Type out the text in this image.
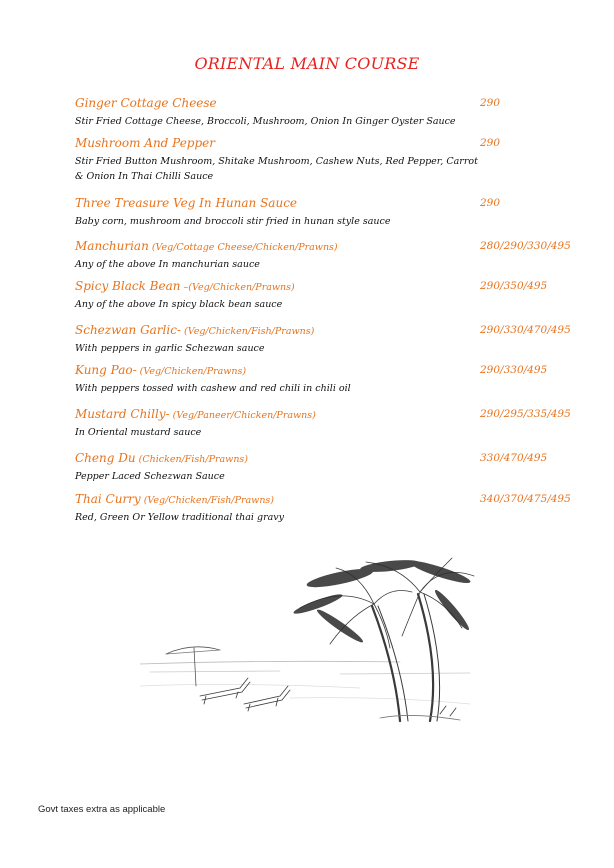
ORIENTAL MAIN COURSE
Ginger Cottage Cheese	290
Stir Fried Cottage Cheese, Broccoli, Mushroom, Onion In Ginger Oyster Sauce
Mushroom And Pepper	290
Stir Fried Button Mushroom, Shitake Mushroom, Cashew Nuts, Red Pepper, Carrot & Onion In Thai Chilli Sauce
Three Treasure Veg In Hunan Sauce	290
Baby corn, mushroom and broccoli stir fried in hunan style sauce
Manchurian (Veg/Cottage Cheese/Chicken/Prawns)	280/290/330/495
Any of the above In manchurian sauce
Spicy Black Bean –(Veg/Chicken/Prawns)	290/350/495
Any of the above In spicy black bean sauce
Schezwan Garlic- (Veg/Chicken/Fish/Prawns)	290/330/470/495
With peppers in garlic Schezwan sauce
Kung Pao- (Veg/Chicken/Prawns)	290/330/495
With peppers tossed with cashew and red chili in chili oil
Mustard Chilly- (Veg/Paneer/Chicken/Prawns)	290/295/335/495
In Oriental mustard sauce
Cheng Du (Chicken/Fish/Prawns)	330/470/495
Pepper Laced Schezwan Sauce
Thai Curry (Veg/Chicken/Fish/Prawns)	340/370/475/495
Red, Green Or Yellow traditional thai gravy
Govt taxes extra as applicable
